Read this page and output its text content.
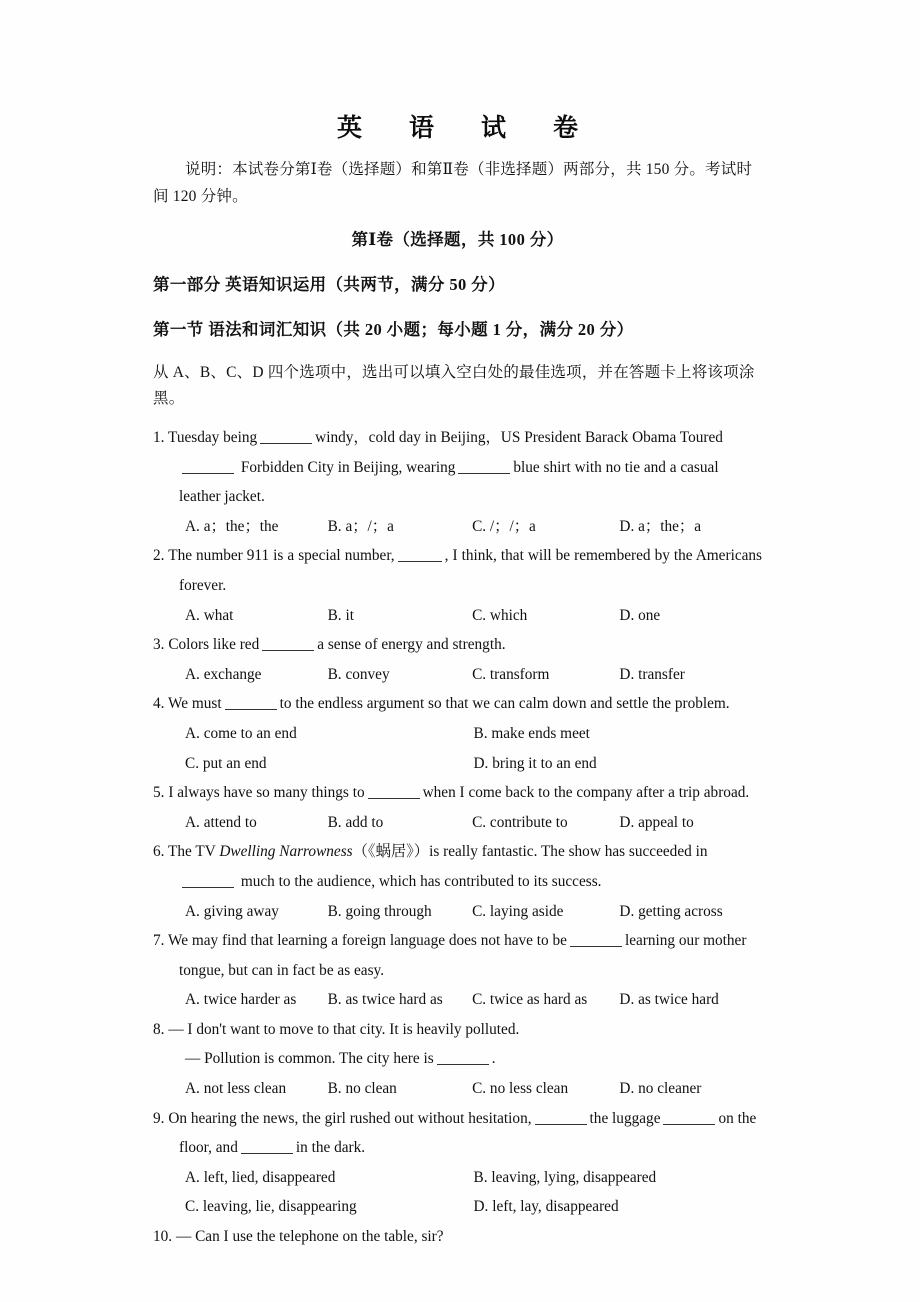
英　语　试　卷
说明：本试卷分第Ⅰ卷（选择题）和第Ⅱ卷（非选择题）两部分，共 150 分。考试时间 120 分钟。
第Ⅰ卷（选择题，共 100 分）
第一部分 英语知识运用（共两节，满分 50 分）
第一节 语法和词汇知识（共 20 小题；每小题 1 分，满分 20 分）
从 A、B、C、D 四个选项中，选出可以填入空白处的最佳选项，并在答题卡上将该项涂黑。

1. Tuesday being	windy，cold day in Beijing，US President Barack Obama Toured Forbidden City in Beijing, wearing	blue shirt with no tie and a casual leather jacket.

A. a；the；the	B. a；/；a	C. /；/；a	D. a；the；a

2. The number 911 is a special number,	, I think, that will be remembered by the Americans forever.

A. what	B. it	C. which	D. one

3. Colors like red	a sense of energy and strength.

A. exchange	B. convey	C. transform	D. transfer

4. We must	to the endless argument so that we can calm down and settle the problem.

A. come to an end	B. make ends meet
C. put an end	D. bring it to an end

5. I always have so many things to	when I come back to the company after a trip abroad.

A. attend to	B. add to	C. contribute to	D. appeal to

6. The TV Dwelling Narrowness（《蜗居》）is really fantastic. The show has succeeded in much to the audience, which has contributed to its success.

A. giving away	B. going through	C. laying aside	D. getting across

7. We may find that learning a foreign language does not have to be	learning our mother tongue, but can in fact be as easy.

A. twice harder as	B. as twice hard as	C. twice as hard as	D. as twice hard

8. — I don't want to move to that city. It is heavily polluted.

— Pollution is common. The city here is	.

A. not less clean	B. no clean	C. no less clean	D. no cleaner

9. On hearing the news, the girl rushed out without hesitation,	the luggage	on the floor, and	in the dark.

A. left, lied, disappeared	B. leaving, lying, disappeared
C. leaving, lie, disappearing	D. left, lay, disappeared

10. — Can I use the telephone on the table, sir?
